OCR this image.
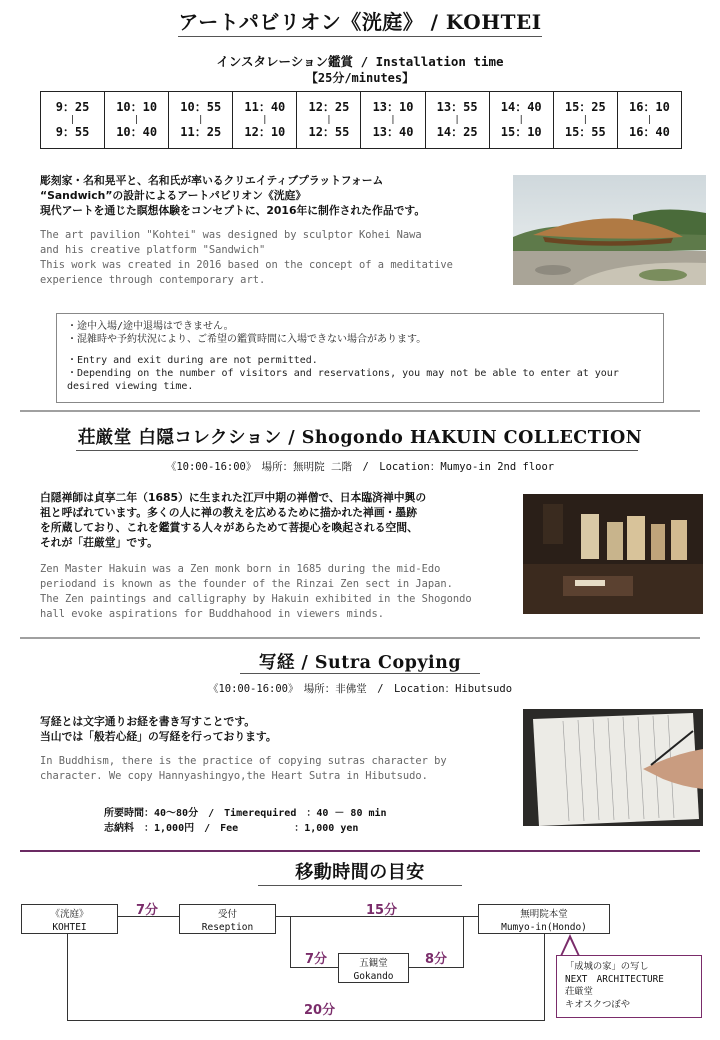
アートパビリオン《洸庭》 / KOHTEI
インスタレーション鑑賞 / Installation time
【25分/minutes】
9：25
|
9：55

10：10
|
10：40

10：55
|
11：25

11：40
|
12：10

12：25
|
12：55

13：10
|
13：40

13：55
|
14：25

14：40
|
15：10

15：25
|
15：55

16：10
|
16：40
彫刻家・名和晃平と、名和氏が率いるクリエイティブプラットフォーム
“Sandwich”の設計によるアートパビリオン《洸庭》
現代アートを通じた瞑想体験をコンセプトに、2016年に制作された作品です。
The art pavilion "Kohtei" was designed by sculptor Kohei Nawa
and his creative platform "Sandwich"
This work was created in 2016 based on the concept of a meditative
experience through contemporary art.
・途中入場/途中退場はできません。
・混雑時や予約状況により、ご希望の鑑賞時間に入場できない場合があります。
・Entry and exit during are not permitted.
・Depending on the number of visitors and reservations, you may not be able to enter at your
desired viewing time.
荘厳堂 白隠コレクション / Shogondo HAKUIN COLLECTION
《10:00-16:00》　場所：無明院 二階　/　Location：Mumyo-in 2nd floor
白隠禅師は貞享二年（1685）に生まれた江戸中期の禅僧で、日本臨済禅中興の
祖と呼ばれています。多くの人に禅の教えを広めるために描かれた禅画・墨跡
を所蔵しており、これを鑑賞する人々があらためて菩提心を喚起される空間、
それが「荘厳堂」です。
Zen Master Hakuin was a Zen monk born in 1685 during the mid-Edo
periodand is known as the founder of the Rinzai Zen sect in Japan.
The Zen paintings and calligraphy by Hakuin exhibited in the Shogondo
hall evoke aspirations for Buddhahood in viewers minds.
写経 / Sutra Copying
《10:00-16:00》　場所：非佛堂　/　Location：Hibutsudo
写経とは文字通りお経を書き写すことです。
当山では「般若心経」の写経を行っております。
In Buddhism, there is the practice of copying sutras character by
character. We copy Hannyashingyo,the Heart Sutra in Hibutsudo.
所要時間：40～80分　/　Timerequired　：40 － 80 min
志納料　：1,000円　/　Fee　　　　　 ：1,000 yen
移動時間の目安
《洸庭》
KOHTEI
受付
Reseption
五観堂
Gokando
無明院本堂
Mumyo-in(Hondo)
7分	15分
7分	8分
20分
「成城の家」の写し
NEXT　ARCHITECTURE
荘厳堂
キオスクつぼや
